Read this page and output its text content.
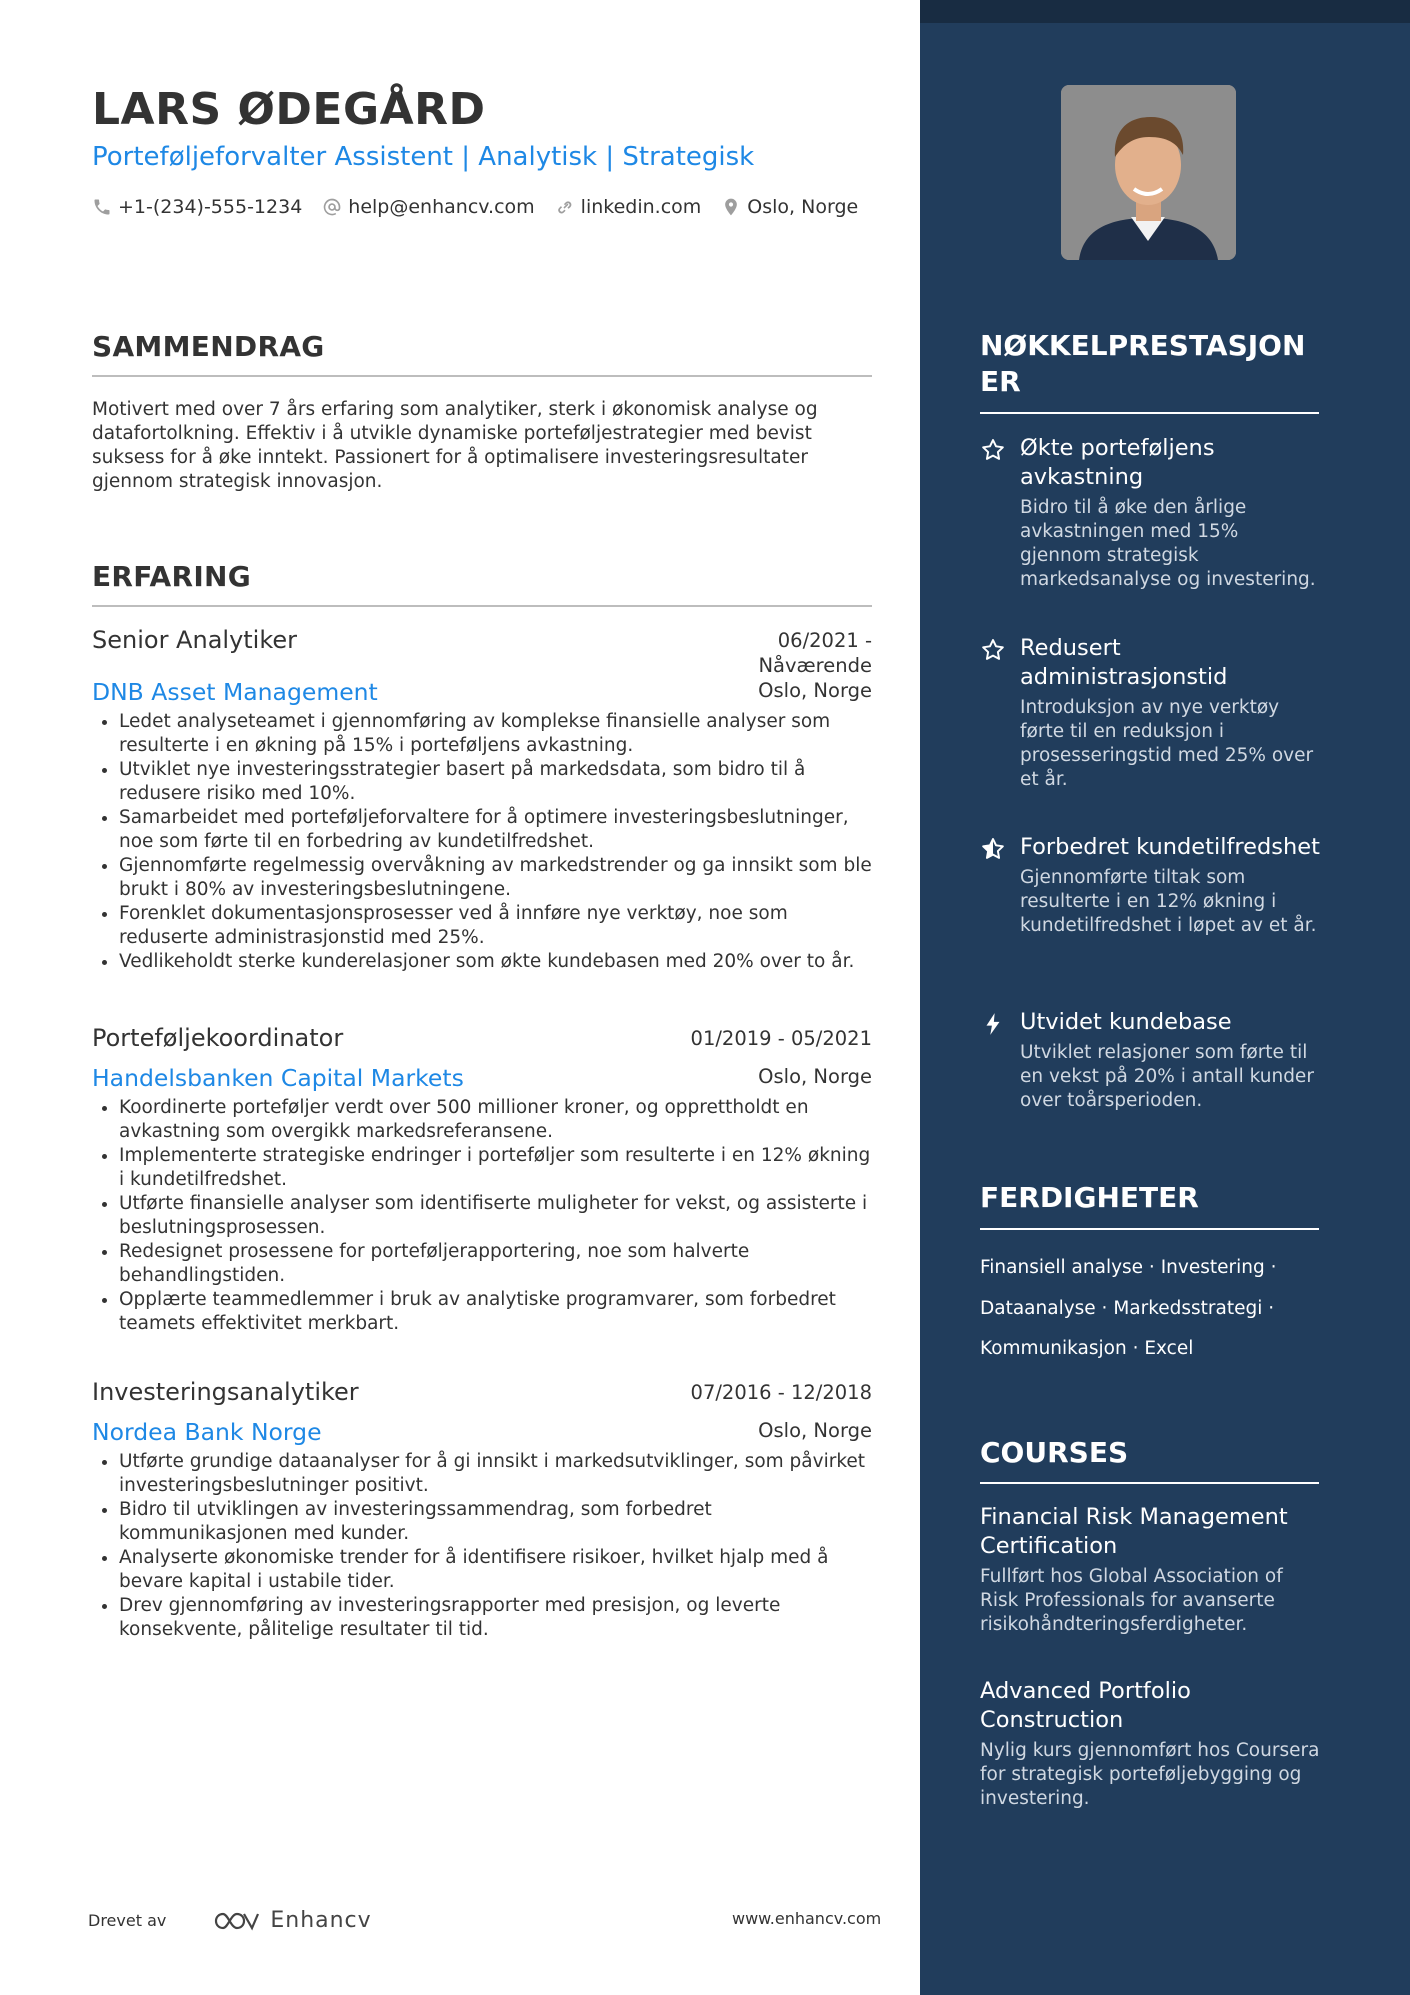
LARS ØDEGÅRD
Porteføljeforvalter Assistent | Analytisk | Strategisk
+1-(234)-555-1234 help@enhancv.com linkedin.com Oslo, Norge
SAMMENDRAG

Motivert med over 7 års erfaring som analytiker, sterk i økonomisk analyse og datafortolkning. Effektiv i å utvikle dynamiske porteføljestrategier med bevist suksess for å øke inntekt. Passionert for å optimalisere investeringsresultater gjennom strategisk innovasjon.

ERFARING
Senior Analytiker	06/2021 -
Nåværende
DNB Asset Management	Oslo, Norge
• Ledet analyseteamet i gjennomføring av komplekse finansielle analyser som resulterte i en økning på 15% i porteføljens avkastning.
• Utviklet nye investeringsstrategier basert på markedsdata, som bidro til å redusere risiko med 10%.
• Samarbeidet med porteføljeforvaltere for å optimere investeringsbeslutninger, noe som førte til en forbedring av kundetilfredshet.
• Gjennomførte regelmessig overvåkning av markedstrender og ga innsikt som ble brukt i 80% av investeringsbeslutningene.
• Forenklet dokumentasjonsprosesser ved å innføre nye verktøy, noe som reduserte administrasjonstid med 25%.
• Vedlikeholdt sterke kunderelasjoner som økte kundebasen med 20% over to år.
Porteføljekoordinator	01/2019 - 05/2021
Handelsbanken Capital Markets	Oslo, Norge
• Koordinerte porteføljer verdt over 500 millioner kroner, og opprettholdt en avkastning som overgikk markedsreferansene.
• Implementerte strategiske endringer i porteføljer som resulterte i en 12% økning i kundetilfredshet.
• Utførte finansielle analyser som identifiserte muligheter for vekst, og assisterte i beslutningsprosessen.
• Redesignet prosessene for porteføljerapportering, noe som halverte behandlingstiden.
• Opplærte teammedlemmer i bruk av analytiske programvarer, som forbedret teamets effektivitet merkbart.
Investeringsanalytiker	07/2016 - 12/2018
Nordea Bank Norge	Oslo, Norge
• Utførte grundige dataanalyser for å gi innsikt i markedsutviklinger, som påvirket investeringsbeslutninger positivt.
• Bidro til utviklingen av investeringssammendrag, som forbedret kommunikasjonen med kunder.
• Analyserte økonomiske trender for å identifisere risikoer, hvilket hjalp med å bevare kapital i ustabile tider.
• Drev gjennomføring av investeringsrapporter med presisjon, og leverte konsekvente, pålitelige resultater til tid.
Drevet av	Enhancv	www.enhancv.com
NØKKELPRESTASJONER

Økte porteføljens avkastning

Bidro til å øke den årlige avkastningen med 15% gjennom strategisk markedsanalyse og investering.

Redusert administrasjonstid

Introduksjon av nye verktøy førte til en reduksjon i prosesseringstid med 25% over et år.

Forbedret kundetilfredshet

Gjennomførte tiltak som resulterte i en 12% økning i kundetilfredshet i løpet av et år.

Utvidet kundebase

Utviklet relasjoner som førte til en vekst på 20% i antall kunder over toårsperioden.

FERDIGHETER

Finansiell analyse · Investering ·
Dataanalyse · Markedsstrategi ·
Kommunikasjon · Excel

COURSES

Financial Risk Management Certification

Fullført hos Global Association of Risk Professionals for avanserte risikohåndteringsferdigheter.

Advanced Portfolio Construction

Nylig kurs gjennomført hos Coursera for strategisk porteføljebygging og investering.
